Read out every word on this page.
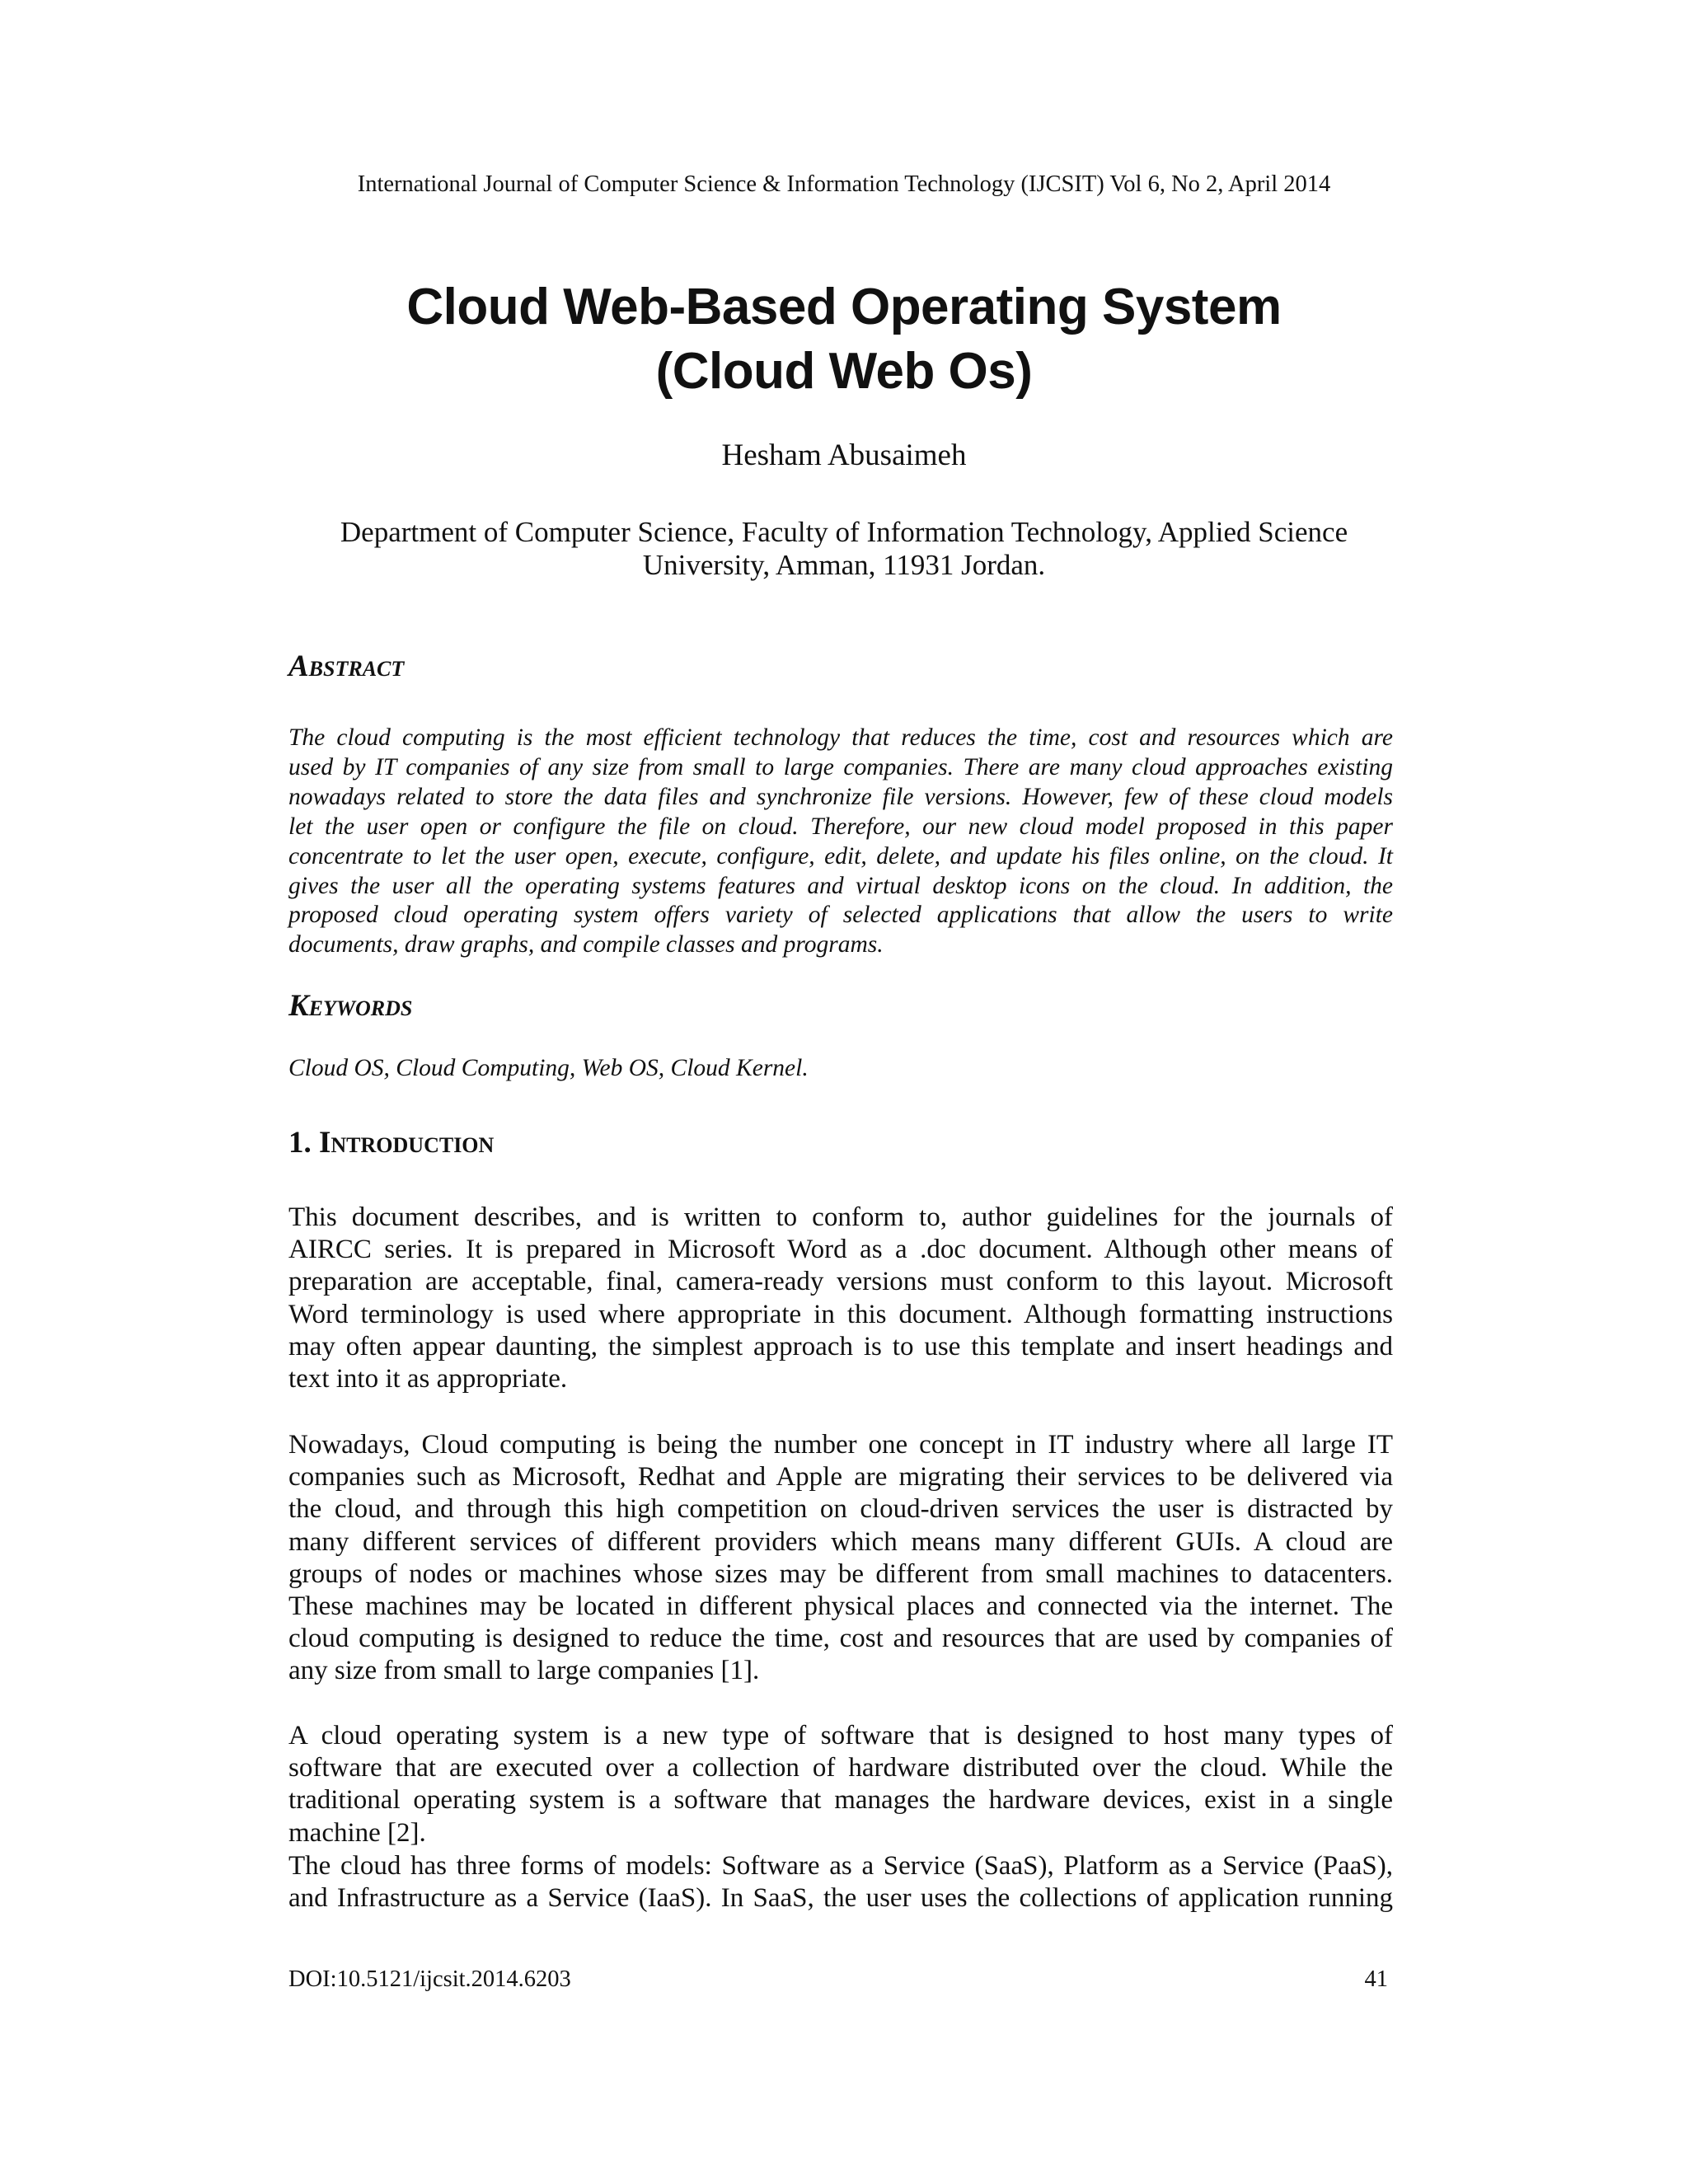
International Journal of Computer Science & Information Technology (IJCSIT) Vol 6, No 2, April 2014
Cloud Web-Based Operating System
(Cloud Web Os)
Hesham Abusaimeh
Department of Computer Science, Faculty of Information Technology, Applied Science
University, Amman, 11931 Jordan.
Abstract
The cloud computing is the most efficient technology that reduces the time, cost and resources which are
used by IT companies of any size from small to large companies. There are many cloud approaches existing
nowadays related to store the data files and synchronize file versions. However, few of these cloud models
let the user open or configure the file on cloud. Therefore, our new cloud model proposed in this paper
concentrate to let the user open, execute, configure, edit, delete, and update his files online, on the cloud. It
gives the user all the operating systems features and virtual desktop icons on the cloud. In addition, the
proposed cloud operating system offers variety of selected applications that allow the users to write
documents, draw graphs, and compile classes and programs.
Keywords
Cloud OS, Cloud Computing, Web OS, Cloud Kernel.
1. Introduction
This document describes, and is written to conform to, author guidelines for the journals of
AIRCC series. It is prepared in Microsoft Word as a .doc document. Although other means of
preparation are acceptable, final, camera-ready versions must conform to this layout. Microsoft
Word terminology is used where appropriate in this document. Although formatting instructions
may often appear daunting, the simplest approach is to use this template and insert headings and
text into it as appropriate.
Nowadays, Cloud computing is being the number one concept in IT industry where all large IT
companies such as Microsoft, Redhat and Apple are migrating their services to be delivered via
the cloud, and through this high competition on cloud-driven services the user is distracted by
many different services of different providers which means many different GUIs. A cloud are
groups of nodes or machines whose sizes may be different from small machines to datacenters.
These machines may be located in different physical places and connected via the internet. The
cloud computing is designed to reduce the time, cost and resources that are used by companies of
any size from small to large companies [1].
A cloud operating system is a new type of software that is designed to host many types of
software that are executed over a collection of hardware distributed over the cloud. While the
traditional operating system is a software that manages the hardware devices, exist in a single
machine [2].
The cloud has three forms of models: Software as a Service (SaaS), Platform as a Service (PaaS),
and Infrastructure as a Service (IaaS). In SaaS, the user uses the collections of application running
DOI:10.5121/ijcsit.2014.6203	41
